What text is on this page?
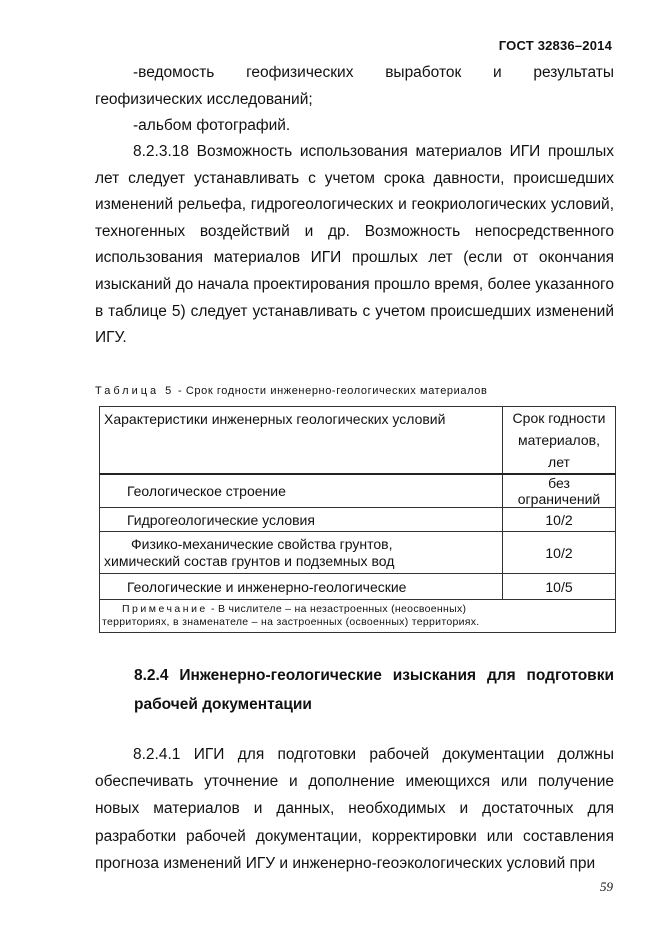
ГОСТ 32836–2014

-ведомость геофизических выработок и результаты геофизических исследований;

-альбом фотографий.

8.2.3.18 Возможность использования материалов ИГИ прошлых лет следует устанавливать с учетом срока давности, происшедших изменений рельефа, гидрогеологических и геокриологических условий, техногенных воздействий и др. Возможность непосредственного использования материалов ИГИ прошлых лет (если от окончания изысканий до начала проектирования прошло время, более указанного в таблице 5) следует устанавливать с учетом происшедших изменений ИГУ.

Таблица 5 - Срок годности инженерно-геологических материалов
Характеристики инженерных геологических условий	Срок годности
материалов, лет

Геологическое строение	без ограничений
Гидрогеологические условия	10/2

Физико-механические свойства грунтов,
химический состав грунтов и подземных вод	10/2
Геологические и инженерно-геологические	10/5

Примечание - В числителе – на незастроенных (неосвоенных)
территориях, в знаменателе – на застроенных (освоенных) территориях.	

8.2.4 Инженерно-геологические изыскания для подготовки рабочей документации

8.2.4.1 ИГИ для подготовки рабочей документации должны обеспечивать уточнение и дополнение имеющихся или получение новых материалов и данных, необходимых и достаточных для разработки рабочей документации, корректировки или составления прогноза изменений ИГУ и инженерно-геоэкологических условий при

59
